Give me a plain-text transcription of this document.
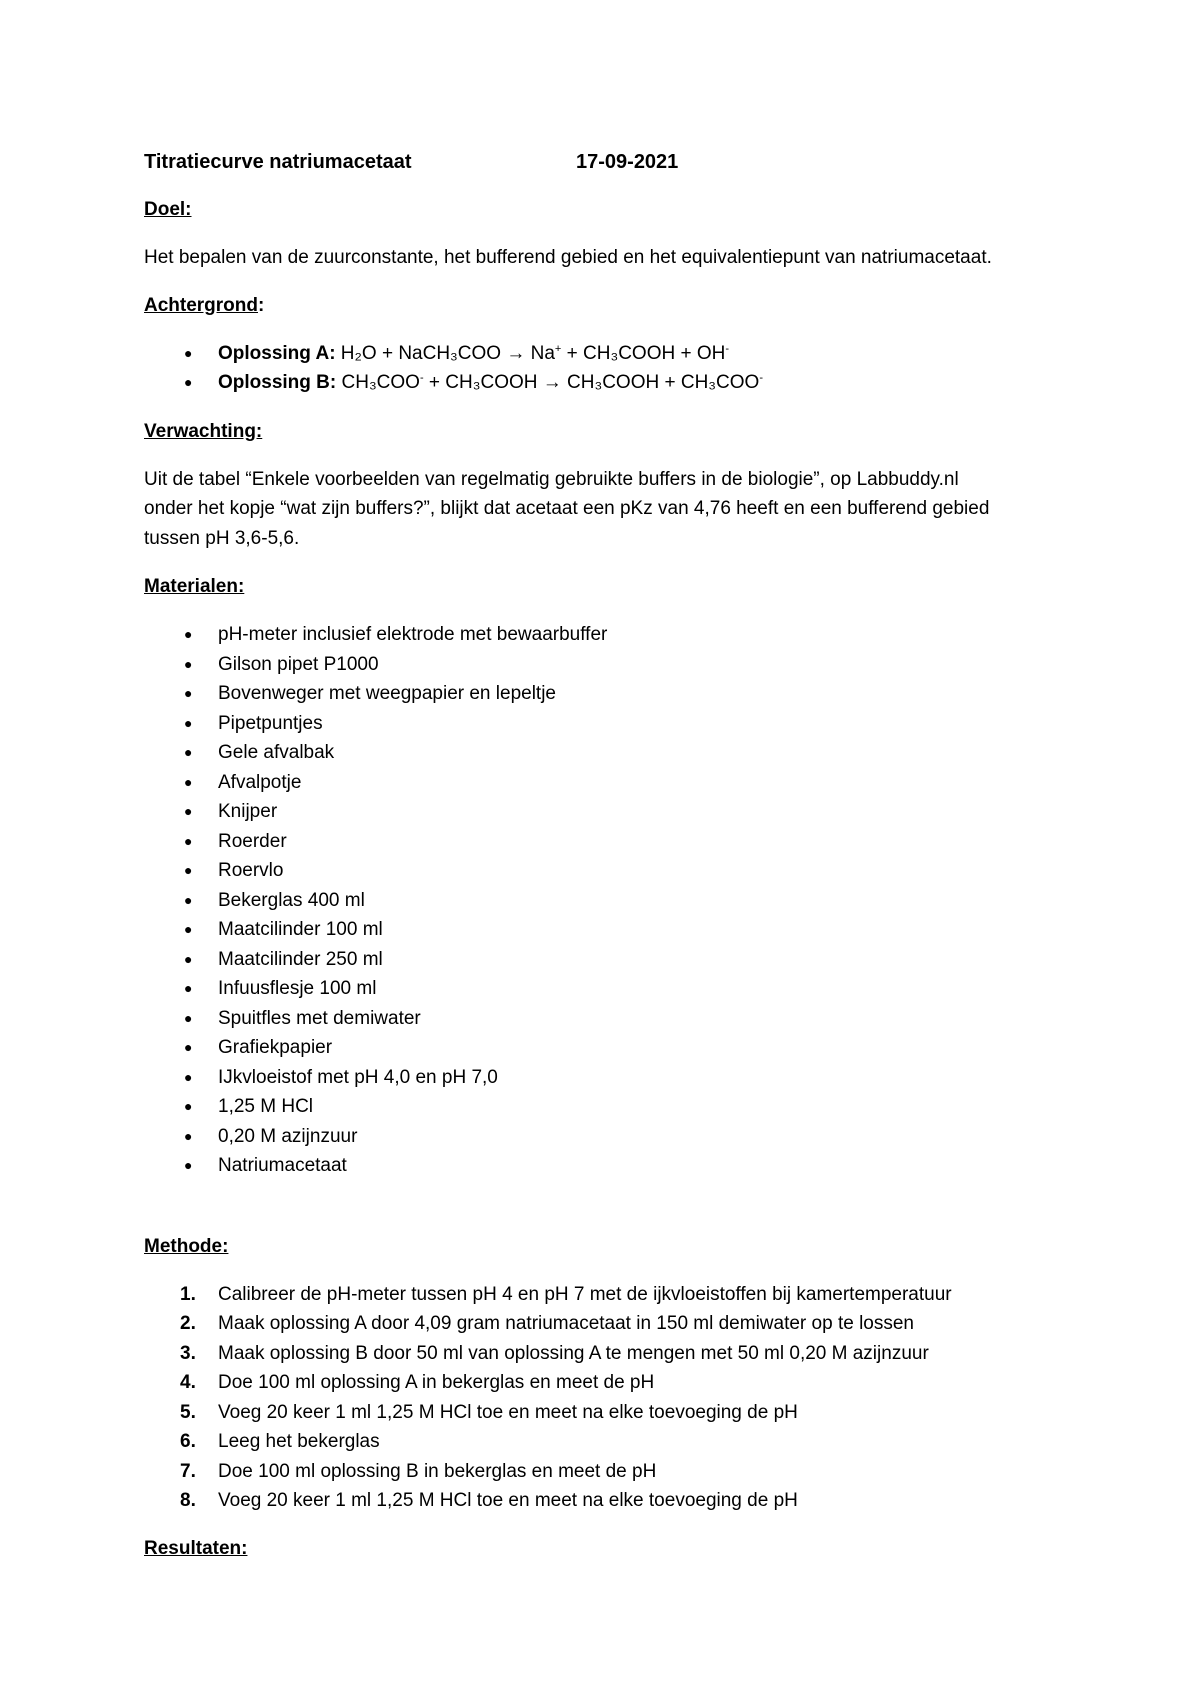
Titratiecurve natriumacetaat	17-09-2021
Doel:
Het bepalen van de zuurconstante, het bufferend gebied en het equivalentiepunt van natriumacetaat.
Achtergrond:
●	Oplossing A: H₂O + NaCH₃COO → Na+ + CH₃COOH + OH-
●	Oplossing B: CH₃COO- + CH₃COOH → CH₃COOH + CH₃COO-
Verwachting:
Uit de tabel “Enkele voorbeelden van regelmatig gebruikte buffers in de biologie”, op Labbuddy.nl
onder het kopje “wat zijn buffers?”, blijkt dat acetaat een pKz van 4,76 heeft en een bufferend gebied
tussen pH 3,6-5,6.
Materialen:
●	pH-meter inclusief elektrode met bewaarbuffer
●	Gilson pipet P1000
●	Bovenweger met weegpapier en lepeltje
●	Pipetpuntjes
●	Gele afvalbak
●	Afvalpotje
●	Knijper
●	Roerder
●	Roervlo
●	Bekerglas 400 ml
●	Maatcilinder 100 ml
●	Maatcilinder 250 ml
●	Infuusflesje 100 ml
●	Spuitfles met demiwater
●	Grafiekpapier
●	IJkvloeistof met pH 4,0 en pH 7,0
●	1,25 M HCl
●	0,20 M azijnzuur
●	Natriumacetaat
Methode:
1.	Calibreer de pH-meter tussen pH 4 en pH 7 met de ijkvloeistoffen bij kamertemperatuur
2.	Maak oplossing A door 4,09 gram natriumacetaat in 150 ml demiwater op te lossen
3.	Maak oplossing B door 50 ml van oplossing A te mengen met 50 ml 0,20 M azijnzuur
4.	Doe 100 ml oplossing A in bekerglas en meet de pH
5.	Voeg 20 keer 1 ml 1,25 M HCl toe en meet na elke toevoeging de pH
6.	Leeg het bekerglas
7.	Doe 100 ml oplossing B in bekerglas en meet de pH
8.	Voeg 20 keer 1 ml 1,25 M HCl toe en meet na elke toevoeging de pH
Resultaten:
